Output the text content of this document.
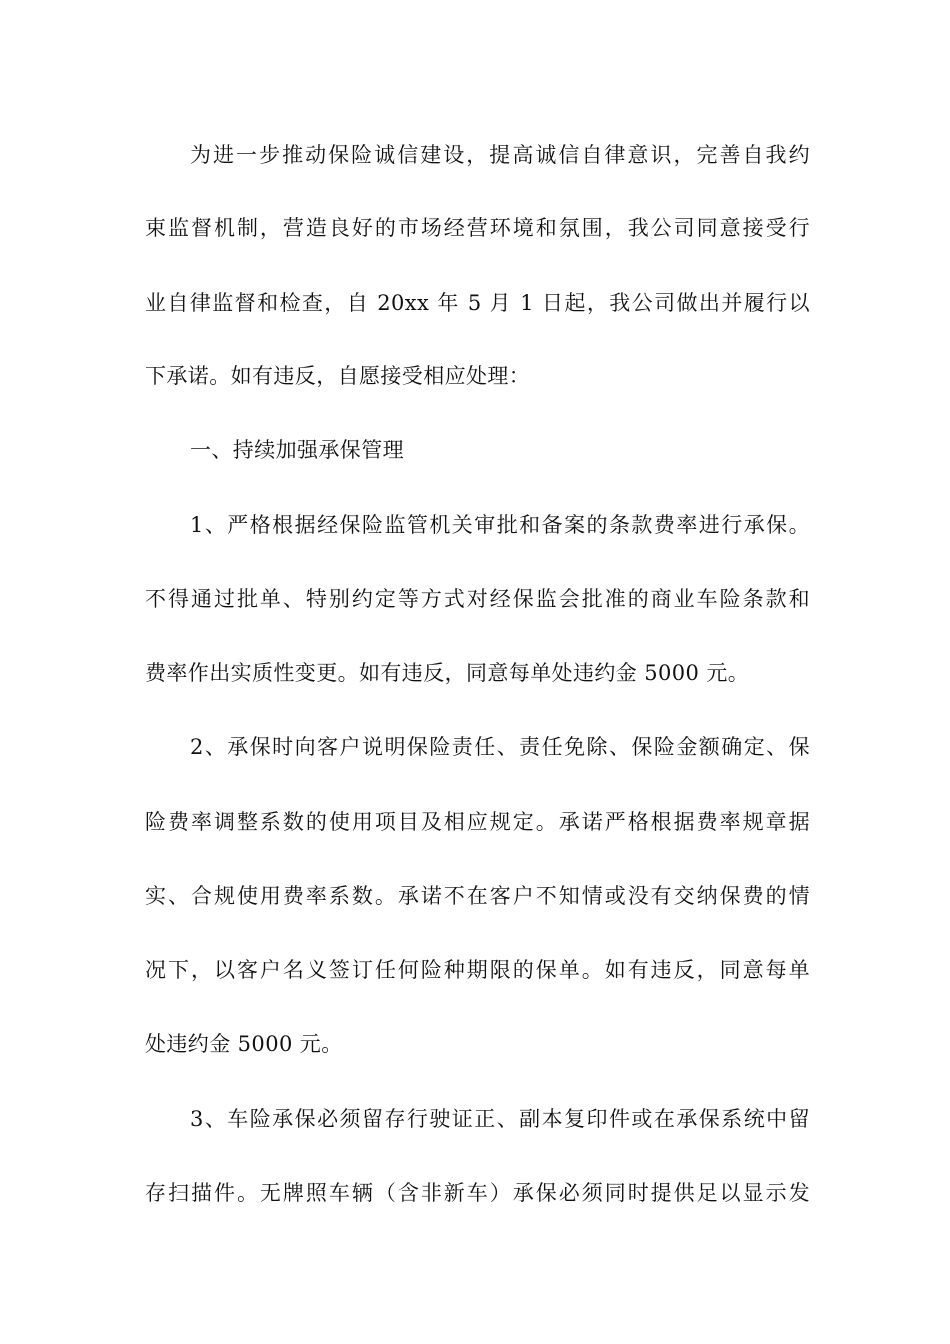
为进一步推动保险诚信建设，提高诚信自律意识，完善自我约
束监督机制，营造良好的市场经营环境和氛围，我公司同意接受行
业自律监督和检查，自 20xx 年 5 月 1 日起，我公司做出并履行以
下承诺。如有违反，自愿接受相应处理：
一、持续加强承保管理
1、严格根据经保险监管机关审批和备案的条款费率进行承保。
不得通过批单、特别约定等方式对经保监会批准的商业车险条款和
费率作出实质性变更。如有违反，同意每单处违约金 5000 元。
2、承保时向客户说明保险责任、责任免除、保险金额确定、保
险费率调整系数的使用项目及相应规定。承诺严格根据费率规章据
实、合规使用费率系数。承诺不在客户不知情或没有交纳保费的情
况下，以客户名义签订任何险种期限的保单。如有违反，同意每单
处违约金 5000 元。
3、车险承保必须留存行驶证正、副本复印件或在承保系统中留
存扫描件。无牌照车辆（含非新车）承保必须同时提供足以显示发
